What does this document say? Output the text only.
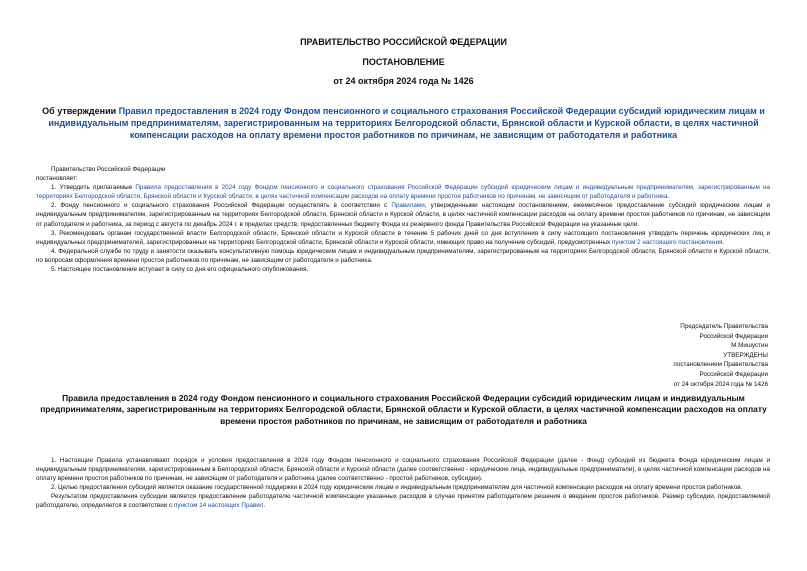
ПРАВИТЕЛЬСТВО РОССИЙСКОЙ ФЕДЕРАЦИИ
ПОСТАНОВЛЕНИЕ
от 24 октября 2024 года № 1426
Об утверждении Правил предоставления в 2024 году Фондом пенсионного и социального страхования Российской Федерации субсидий юридическим лицам и индивидуальным предпринимателям, зарегистрированным на территориях Белгородской области, Брянской области и Курской области, в целях частичной компенсации расходов на оплату времени простоя работников по причинам, не зависящим от работодателя и работника

Правительство Российской Федерации

постановляет:

1. Утвердить прилагаемые Правила предоставления в 2024 году Фондом пенсионного и социального страхования Российской Федерации субсидий юридическим лицам и индивидуальным предпринимателям, зарегистрированным на территориях Белгородской области, Брянской области и Курской области, в целях частичной компенсации расходов на оплату времени простоя работников по причинам, не зависящим от работодателя и работника.

2. Фонду пенсионного и социального страхования Российской Федерации осуществлять в соответствии с Правилами, утвержденными настоящим постановлением, ежемесячное предоставление субсидий юридическим лицам и индивидуальным предпринимателям, зарегистрированным на территориях Белгородской области, Брянской области и Курской области, в целях частичной компенсации расходов на оплату времени простоя работников по причинам, не зависящим от работодателя и работника, за период с августа по декабрь 2024 г. в пределах средств, предоставленных бюджету Фонда из резервного фонда Правительства Российской Федерации на указанные цели.

3. Рекомендовать органам государственной власти Белгородской области, Брянской области и Курской области в течение 5 рабочих дней со дня вступления в силу настоящего постановления утвердить перечень юридических лиц и индивидуальных предпринимателей, зарегистрированных на территориях Белгородской области, Брянской области и Курской области, имеющих право на получение субсидий, предусмотренных пунктом 2 настоящего постановления.

4. Федеральной службе по труду и занятости оказывать консультативную помощь юридическим лицам и индивидуальным предпринимателям, зарегистрированным на территориях Белгородской области, Брянской области и Курской области, по вопросам оформления времени простоя работников по причинам, не зависящим от работодателя и работника.

5. Настоящее постановление вступает в силу со дня его официального опубликования.

Председатель Правительства
Российской Федерации
М.Мишустин
УТВЕРЖДЕНЫ
постановлением Правительства
Российской Федерации
от 24 октября 2024 года № 1426
Правила предоставления в 2024 году Фондом пенсионного и социального страхования Российской Федерации субсидий юридическим лицам и индивидуальным предпринимателям, зарегистрированным на территориях Белгородской области, Брянской области и Курской области, в целях частичной компенсации расходов на оплату времени простоя работников по причинам, не зависящим от работодателя и работника

1. Настоящие Правила устанавливают порядок и условия предоставления в 2024 году Фондом пенсионного и социального страхования Российской Федерации (далее - Фонд) субсидий из бюджета Фонда юридическим лицам и индивидуальным предпринимателям, зарегистрированным в Белгородской области, Брянской области и Курской области (далее соответственно - юридические лица, индивидуальные предприниматели), в целях частичной компенсации расходов на оплату времени простоя работников по причинам, не зависящим от работодателя и работника (далее соответственно - простой работников, субсидии).

2. Целью предоставления субсидий является оказание государственной поддержки в 2024 году юридическим лицам и индивидуальным предпринимателям для частичной компенсации расходов на оплату времени простоя работников.

Результатом предоставления субсидии является предоставление работодателю частичной компенсации указанных расходов в случае принятия работодателем решения о введении простоя работников. Размер субсидии, предоставляемой работодателю, определяется в соответствии с пунктом 14 настоящих Правил.
